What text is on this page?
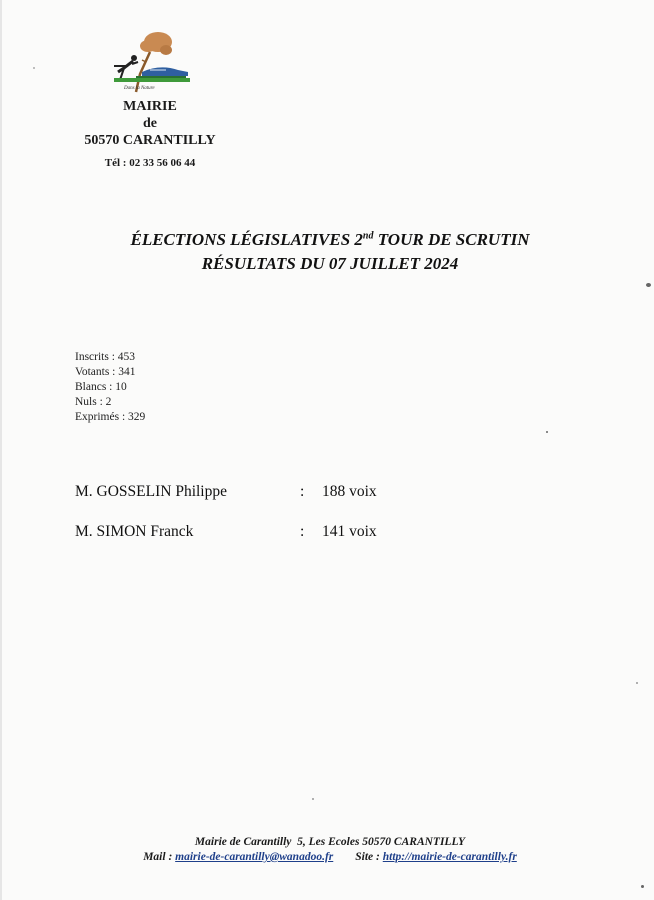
Dans la Nature
MAIRIE
de
50570 CARANTILLY
Tél : 02 33 56 06 44
ÉLECTIONS LÉGISLATIVES 2nd TOUR DE SCRUTIN
RÉSULTATS DU 07 JUILLET 2024
Inscrits : 453
Votants : 341
Blancs : 10
Nuls : 2
Exprimés : 329
M. GOSSELIN Philippe	: 188 voix
M. SIMON Franck	: 141 voix
Mairie de Carantilly 5, Les Ecoles 50570 CARANTILLY
Mail : mairie-de-carantilly@wanadoo.fr Site : http://mairie-de-carantilly.fr
